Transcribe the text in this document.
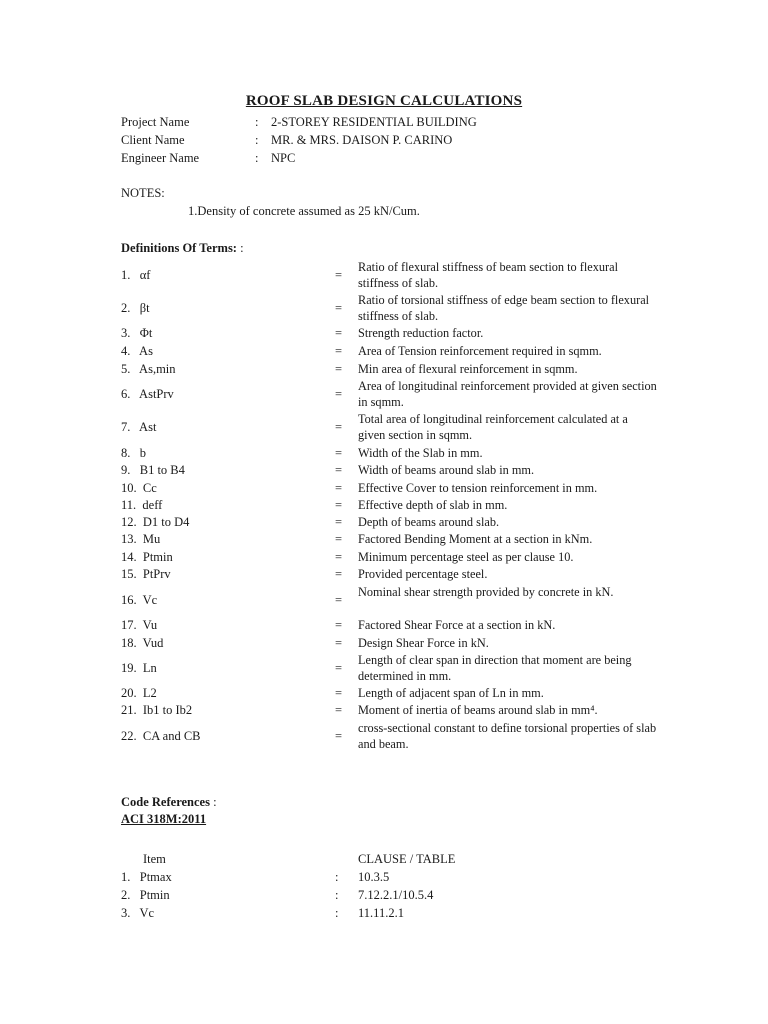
ROOF SLAB DESIGN CALCULATIONS
Project Name	: 2-STOREY RESIDENTIAL BUILDING
Client Name	: MR. & MRS. DAISON P. CARINO
Engineer Name	: NPC
NOTES:
1.Density of concrete assumed as 25 kN/Cum.
Definitions Of Terms: :
1.   αf	=
Ratio of flexural stiffness of beam section to flexural stiffness of slab.
2.   βt	=
Ratio of torsional stiffness of edge beam section to flexural stiffness of slab.
3.   Φt	= Strength reduction factor.
4.   As	= Area of Tension reinforcement required in sqmm.
5.   As,min	= Min area of flexural reinforcement in sqmm.
6.   AstPrv	=
Area of longitudinal reinforcement provided at given section in sqmm.
7.   Ast	=
Total area of longitudinal reinforcement calculated at a given section in sqmm.
8.   b	= Width of the Slab in mm.
9.   B1 to B4	= Width of beams around slab in mm.
10.  Cc	= Effective Cover to tension reinforcement in mm.
11.  deff	= Effective depth of slab in mm.
12.  D1 to D4	= Depth of beams around slab.
13.  Mu	= Factored Bending Moment at a section in kNm.
14.  Ptmin	= Minimum percentage steel as per clause 10.
15.  PtPrv	= Provided percentage steel.
16.  Vc	=
Nominal shear strength provided by concrete in kN.
17.  Vu	= Factored Shear Force at a section in kN.
18.  Vud	= Design Shear Force in kN.
19.  Ln	=
Length of clear span in direction that moment are being determined in mm.
20.  L2	= Length of adjacent span of Ln in mm.
21.  Ib1 to Ib2	= Moment of inertia of beams around slab in mm⁴.
22.  CA and CB	=
cross-sectional constant to define torsional properties of slab and beam.
Code References :
ACI 318M:2011
Item	CLAUSE / TABLE
1.   Ptmax	: 10.3.5
2.   Ptmin	: 7.12.2.1/10.5.4
3.   Vc	: 11.11.2.1
